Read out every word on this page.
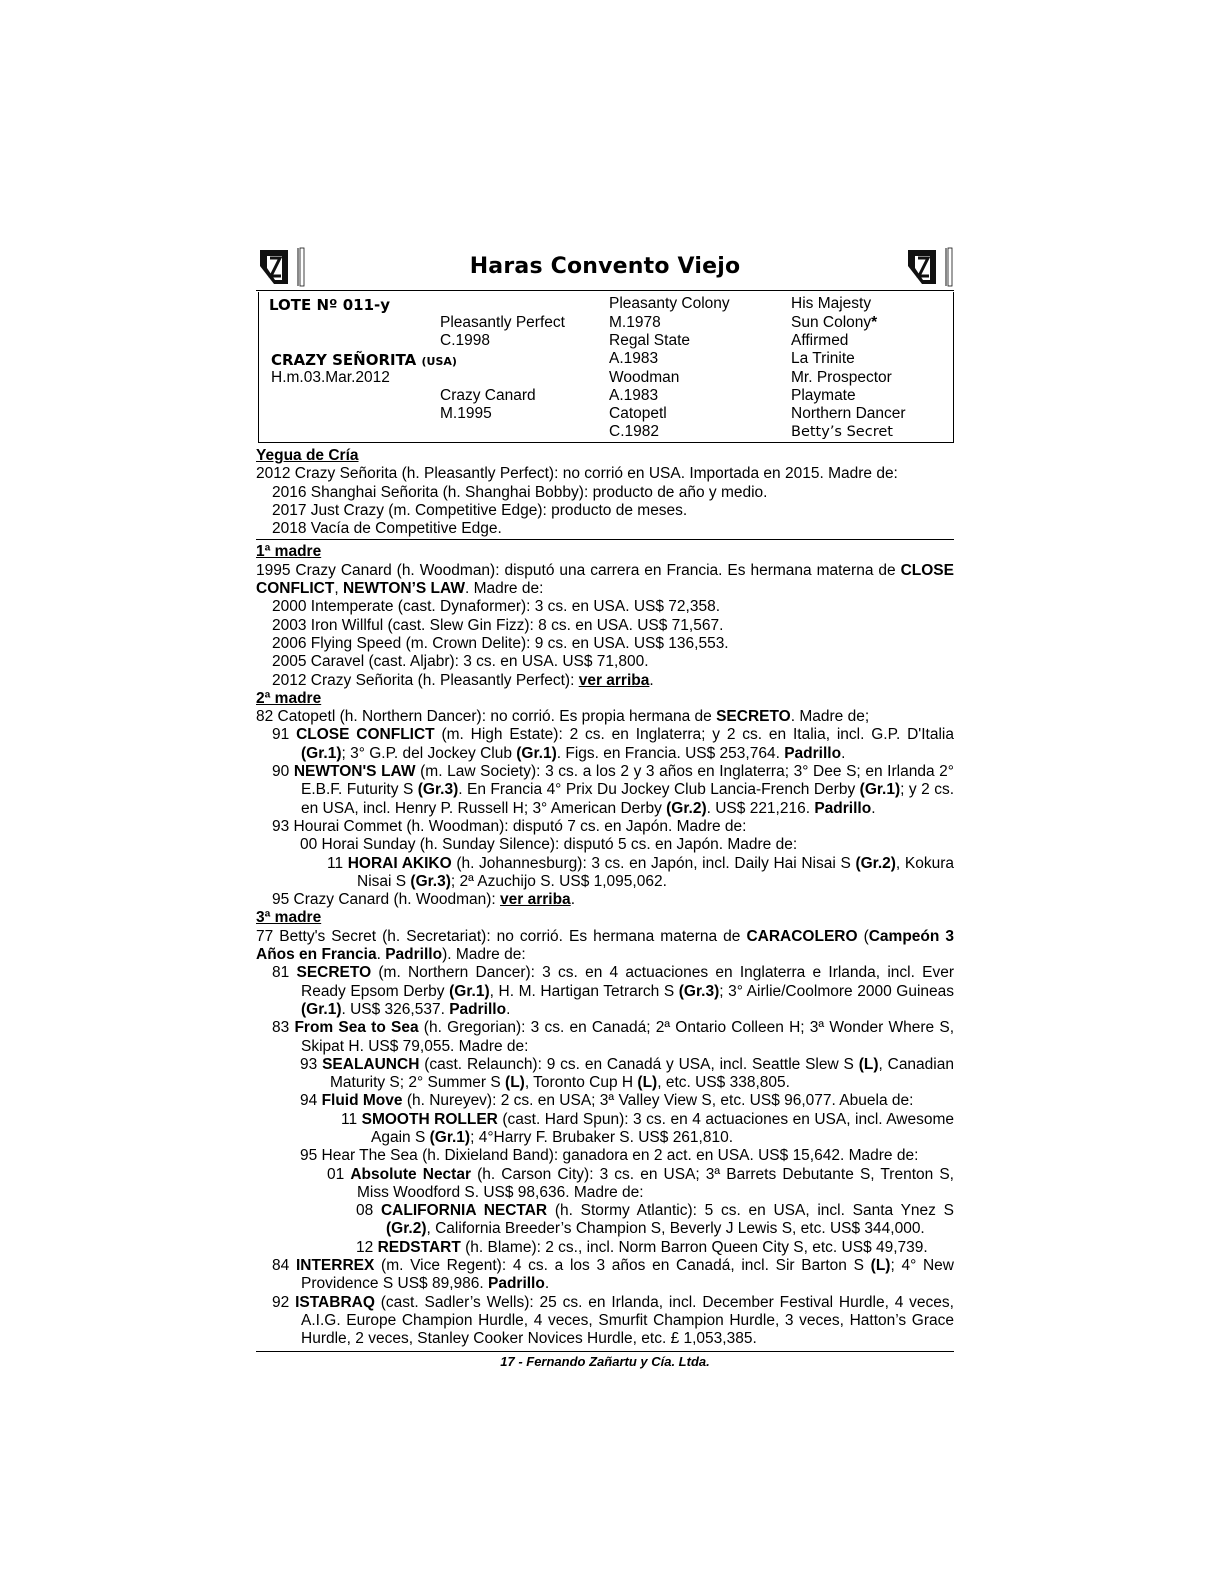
Haras Convento Viejo
LOTE Nº 011-y
CRAZY SEÑORITA (USA)
H.m.03.Mar.2012
Pleasantly Perfect
C.1998
Crazy Canard
M.1995
Pleasanty Colony
M.1978
Regal State
A.1983
Woodman
A.1983
Catopetl
C.1982
His Majesty
Sun Colony*
Affirmed
La Trinite
Mr. Prospector
Playmate
Northern Dancer
Betty’s Secret
Yegua de Cría
2012 Crazy Señorita (h. Pleasantly Perfect): no corrió en USA. Importada en 2015. Madre de:
2016 Shanghai Señorita (h. Shanghai Bobby): producto de año y medio.
2017 Just Crazy (m. Competitive Edge): producto de meses.
2018 Vacía de Competitive Edge.
1ª madre
1995 Crazy Canard (h. Woodman): disputó una carrera en Francia. Es hermana materna de CLOSE CONFLICT, NEWTON’S LAW. Madre de:
2000 Intemperate (cast. Dynaformer): 3 cs. en USA. US$ 72,358.
2003 Iron Willful (cast. Slew Gin Fizz): 8 cs. en USA. US$ 71,567.
2006 Flying Speed (m. Crown Delite): 9 cs. en USA. US$ 136,553.
2005 Caravel (cast. Aljabr): 3 cs. en USA. US$ 71,800.
2012 Crazy Señorita (h. Pleasantly Perfect): ver arriba.
2ª madre
82 Catopetl (h. Northern Dancer): no corrió. Es propia hermana de SECRETO. Madre de;
91 CLOSE CONFLICT (m. High Estate): 2 cs. en Inglaterra; y 2 cs. en Italia, incl. G.P. D'Italia (Gr.1); 3° G.P. del Jockey Club (Gr.1). Figs. en Francia. US$ 253,764. Padrillo.
90 NEWTON'S LAW (m. Law Society): 3 cs. a los 2 y 3 años en Inglaterra; 3° Dee S; en Irlanda 2° E.B.F. Futurity S (Gr.3). En Francia 4° Prix Du Jockey Club Lancia-French Derby (Gr.1); y 2 cs. en USA, incl. Henry P. Russell H; 3° American Derby (Gr.2). US$ 221,216. Padrillo.
93 Hourai Commet (h. Woodman): disputó 7 cs. en Japón. Madre de:
00 Horai Sunday (h. Sunday Silence): disputó 5 cs. en Japón. Madre de:
11 HORAI AKIKO (h. Johannesburg): 3 cs. en Japón, incl. Daily Hai Nisai S (Gr.2), Kokura Nisai S (Gr.3); 2ª Azuchijo S. US$ 1,095,062.
95 Crazy Canard (h. Woodman): ver arriba.
3ª madre
77 Betty's Secret (h. Secretariat): no corrió. Es hermana materna de CARACOLERO (Campeón 3 Años en Francia. Padrillo). Madre de:
81 SECRETO (m. Northern Dancer): 3 cs. en 4 actuaciones en Inglaterra e Irlanda, incl. Ever Ready Epsom Derby (Gr.1), H. M. Hartigan Tetrarch S (Gr.3); 3° Airlie/Coolmore 2000 Guineas (Gr.1). US$ 326,537. Padrillo.
83 From Sea to Sea (h. Gregorian): 3 cs. en Canadá; 2ª Ontario Colleen H; 3ª Wonder Where S, Skipat H. US$ 79,055. Madre de:
93 SEALAUNCH (cast. Relaunch): 9 cs. en Canadá y USA, incl. Seattle Slew S (L), Canadian Maturity S; 2° Summer S (L), Toronto Cup H (L), etc. US$ 338,805.
94 Fluid Move (h. Nureyev): 2 cs. en USA; 3ª Valley View S, etc. US$ 96,077. Abuela de:
11 SMOOTH ROLLER (cast. Hard Spun): 3 cs. en 4 actuaciones en USA, incl. Awesome Again S (Gr.1); 4°Harry F. Brubaker S. US$ 261,810.
95 Hear The Sea (h. Dixieland Band): ganadora en 2 act. en USA. US$ 15,642. Madre de:
01 Absolute Nectar (h. Carson City): 3 cs. en USA; 3ª Barrets Debutante S, Trenton S, Miss Woodford S. US$ 98,636. Madre de:
08 CALIFORNIA NECTAR (h. Stormy Atlantic): 5 cs. en USA, incl. Santa Ynez S (Gr.2), California Breeder’s Champion S, Beverly J Lewis S, etc. US$ 344,000.
12 REDSTART (h. Blame): 2 cs., incl. Norm Barron Queen City S, etc. US$ 49,739.
84 INTERREX (m. Vice Regent): 4 cs. a los 3 años en Canadá, incl. Sir Barton S (L); 4° New Providence S US$ 89,986. Padrillo.
92 ISTABRAQ (cast. Sadler’s Wells): 25 cs. en Irlanda, incl. December Festival Hurdle, 4 veces, A.I.G. Europe Champion Hurdle, 4 veces, Smurfit Champion Hurdle, 3 veces, Hatton’s Grace Hurdle, 2 veces, Stanley Cooker Novices Hurdle, etc. £ 1,053,385.
17 - Fernando Zañartu y Cía. Ltda.
